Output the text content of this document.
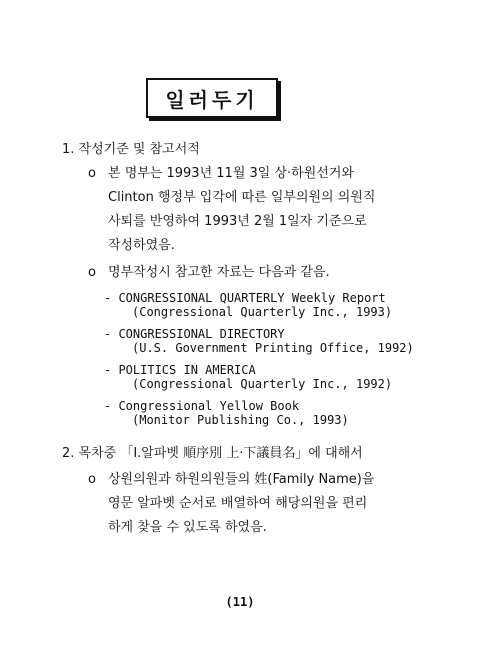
일러두기
1. 작성기준 및 참고서적
o 본 명부는 1993년 11월 3일 상·하원선거와
Clinton 행정부 입각에 따른 일부의원의 의원직
사퇴를 반영하여 1993년 2월 1일자 기준으로
작성하였음.
o 명부작성시 참고한 자료는 다음과 같음.
- CONGRESSIONAL QUARTERLY Weekly Report
(Congressional Quarterly Inc., 1993)
- CONGRESSIONAL DIRECTORY
(U.S. Government Printing Office, 1992)
- POLITICS IN AMERICA
(Congressional Quarterly Inc., 1992)
- Congressional Yellow Book
(Monitor Publishing Co., 1993)
2. 목차중 「Ⅰ.알파벳 順序別 上·下議員名」에 대해서
o 상원의원과 하원의원들의 姓(Family Name)을
영문 알파벳 순서로 배열하여 해당의원을 편리
하게 찾을 수 있도록 하였음.
(11)
